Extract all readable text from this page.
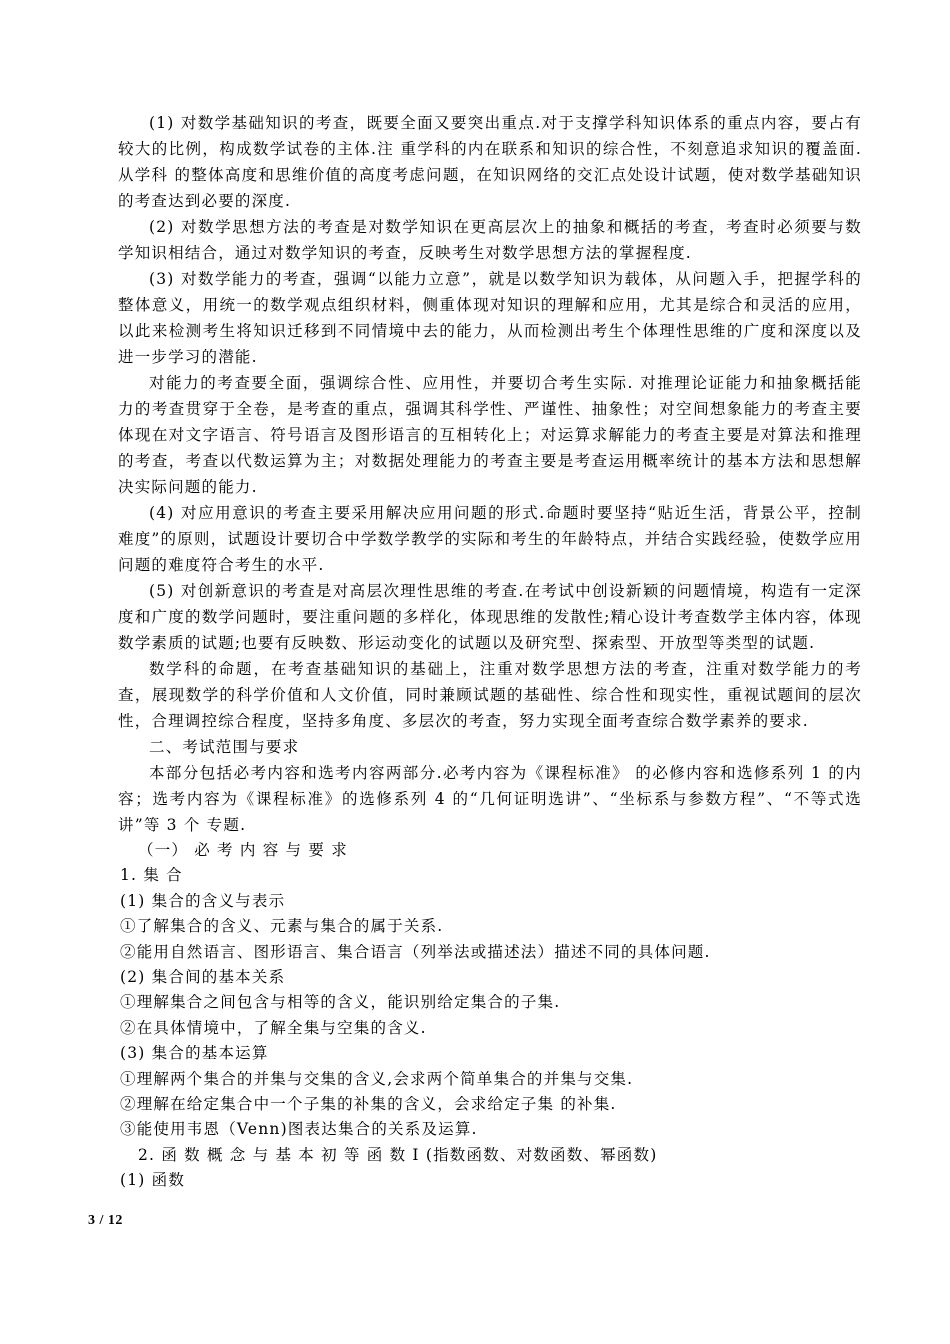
(1) 对数学基础知识的考查，既要全面又要突出重点.对于支撑学科知识体系的重点内容，要占有较大的比例，构成数学试卷的主体.注 重学科的内在联系和知识的综合性，不刻意追求知识的覆盖面.从学科 的整体高度和思维价值的高度考虑问题，在知识网络的交汇点处设计试题，使对数学基础知识的考查达到必要的深度.

(2) 对数学思想方法的考查是对数学知识在更高层次上的抽象和概括的考查，考查时必须要与数学知识相结合，通过对数学知识的考查，反映考生对数学思想方法的掌握程度.

(3) 对数学能力的考查，强调“以能力立意”，就是以数学知识为载体，从问题入手，把握学科的整体意义，用统一的数学观点组织材料，侧重体现对知识的理解和应用，尤其是综合和灵活的应用，以此来检测考生将知识迁移到不同情境中去的能力，从而检测出考生个体理性思维的广度和深度以及进一步学习的潜能.

对能力的考查要全面，强调综合性、应用性，并要切合考生实际. 对推理论证能力和抽象概括能力的考查贯穿于全卷，是考查的重点，强调其科学性、严谨性、抽象性；对空间想象能力的考查主要体现在对文字语言、符号语言及图形语言的互相转化上；对运算求解能力的考查主要是对算法和推理的考查，考查以代数运算为主；对数据处理能力的考查主要是考查运用概率统计的基本方法和思想解决实际问题的能力.

(4) 对应用意识的考查主要采用解决应用问题的形式.命题时要坚持“贴近生活，背景公平，控制难度”的原则，试题设计要切合中学数学教学的实际和考生的年龄特点，并结合实践经验，使数学应用问题的难度符合考生的水平.

(5) 对创新意识的考查是对高层次理性思维的考查.在考试中创设新颖的问题情境，构造有一定深度和广度的数学问题时，要注重问题的多样化，体现思维的发散性;精心设计考查数学主体内容，体现数学素质的试题;也要有反映数、形运动变化的试题以及研究型、探索型、开放型等类型的试题.

数学科的命题，在考查基础知识的基础上，注重对数学思想方法的考查，注重对数学能力的考查，展现数学的科学价值和人文价值，同时兼顾试题的基础性、综合性和现实性，重视试题间的层次性，合理调控综合程度，坚持多角度、多层次的考查，努力实现全面考查综合数学素养的要求.

二、考试范围与要求

本部分包括必考内容和选考内容两部分.必考内容为《课程标准》 的必修内容和选修系列 1 的内容；选考内容为《课程标准》的选修系列 4 的“几何证明选讲”、“坐标系与参数方程”、“不等式选讲”等 3 个 专题.

（一） 必 考 内 容 与 要 求

1. 集 合

(1) 集合的含义与表示

①了解集合的含义、元素与集合的属于关系.

②能用自然语言、图形语言、集合语言（列举法或描述法）描述不同的具体问题.

(2) 集合间的基本关系

①理解集合之间包含与相等的含义，能识别给定集合的子集.

②在具体情境中，了解全集与空集的含义.

(3) 集合的基本运算

①理解两个集合的并集与交集的含义,会求两个简单集合的并集与交集.

②理解在给定集合中一个子集的补集的含义，会求给定子集 的补集.

③能使用韦恩（Venn)图表达集合的关系及运算.

2. 函 数 概 念 与 基 本 初 等 函 数 Ⅰ (指数函数、对数函数、幂函数)

(1) 函数

3 / 12
